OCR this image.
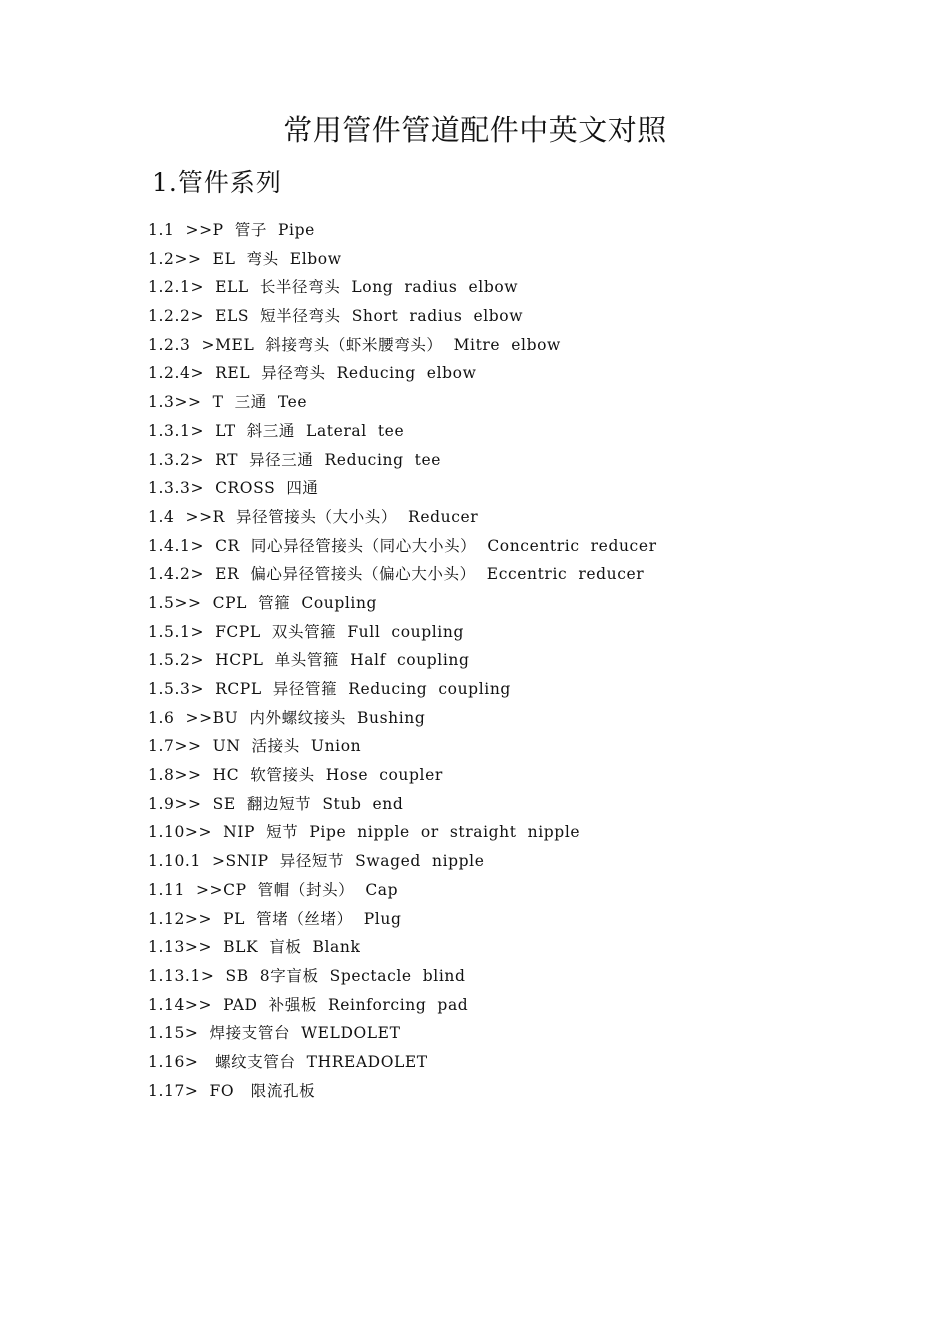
常用管件管道配件中英文对照
1.管件系列
1.1  >>P  管子  Pipe
1.2>>  EL  弯头  Elbow
1.2.1>  ELL  长半径弯头  Long  radius  elbow
1.2.2>  ELS  短半径弯头  Short  radius  elbow
1.2.3  >MEL  斜接弯头（虾米腰弯头）  Mitre  elbow
1.2.4>  REL  异径弯头  Reducing  elbow
1.3>>  T  三通  Tee
1.3.1>  LT  斜三通  Lateral  tee
1.3.2>  RT  异径三通  Reducing  tee
1.3.3>  CROSS  四通
1.4  >>R  异径管接头（大小头）  Reducer
1.4.1>  CR  同心异径管接头（同心大小头）  Concentric  reducer
1.4.2>  ER  偏心异径管接头（偏心大小头）  Eccentric  reducer
1.5>>  CPL  管箍  Coupling
1.5.1>  FCPL  双头管箍  Full  coupling
1.5.2>  HCPL  单头管箍  Half  coupling
1.5.3>  RCPL  异径管箍  Reducing  coupling
1.6  >>BU  内外螺纹接头  Bushing
1.7>>  UN  活接头  Union
1.8>>  HC  软管接头  Hose  coupler
1.9>>  SE  翻边短节  Stub  end
1.10>>  NIP  短节  Pipe  nipple  or  straight  nipple
1.10.1  >SNIP  异径短节  Swaged  nipple
1.11  >>CP  管帽（封头）  Cap
1.12>>  PL  管堵（丝堵）  Plug
1.13>>  BLK  盲板  Blank
1.13.1>  SB  8字盲板  Spectacle  blind
1.14>>  PAD  补强板  Reinforcing  pad
1.15>  焊接支管台  WELDOLET
1.16>   螺纹支管台  THREADOLET
1.17>  FO   限流孔板
